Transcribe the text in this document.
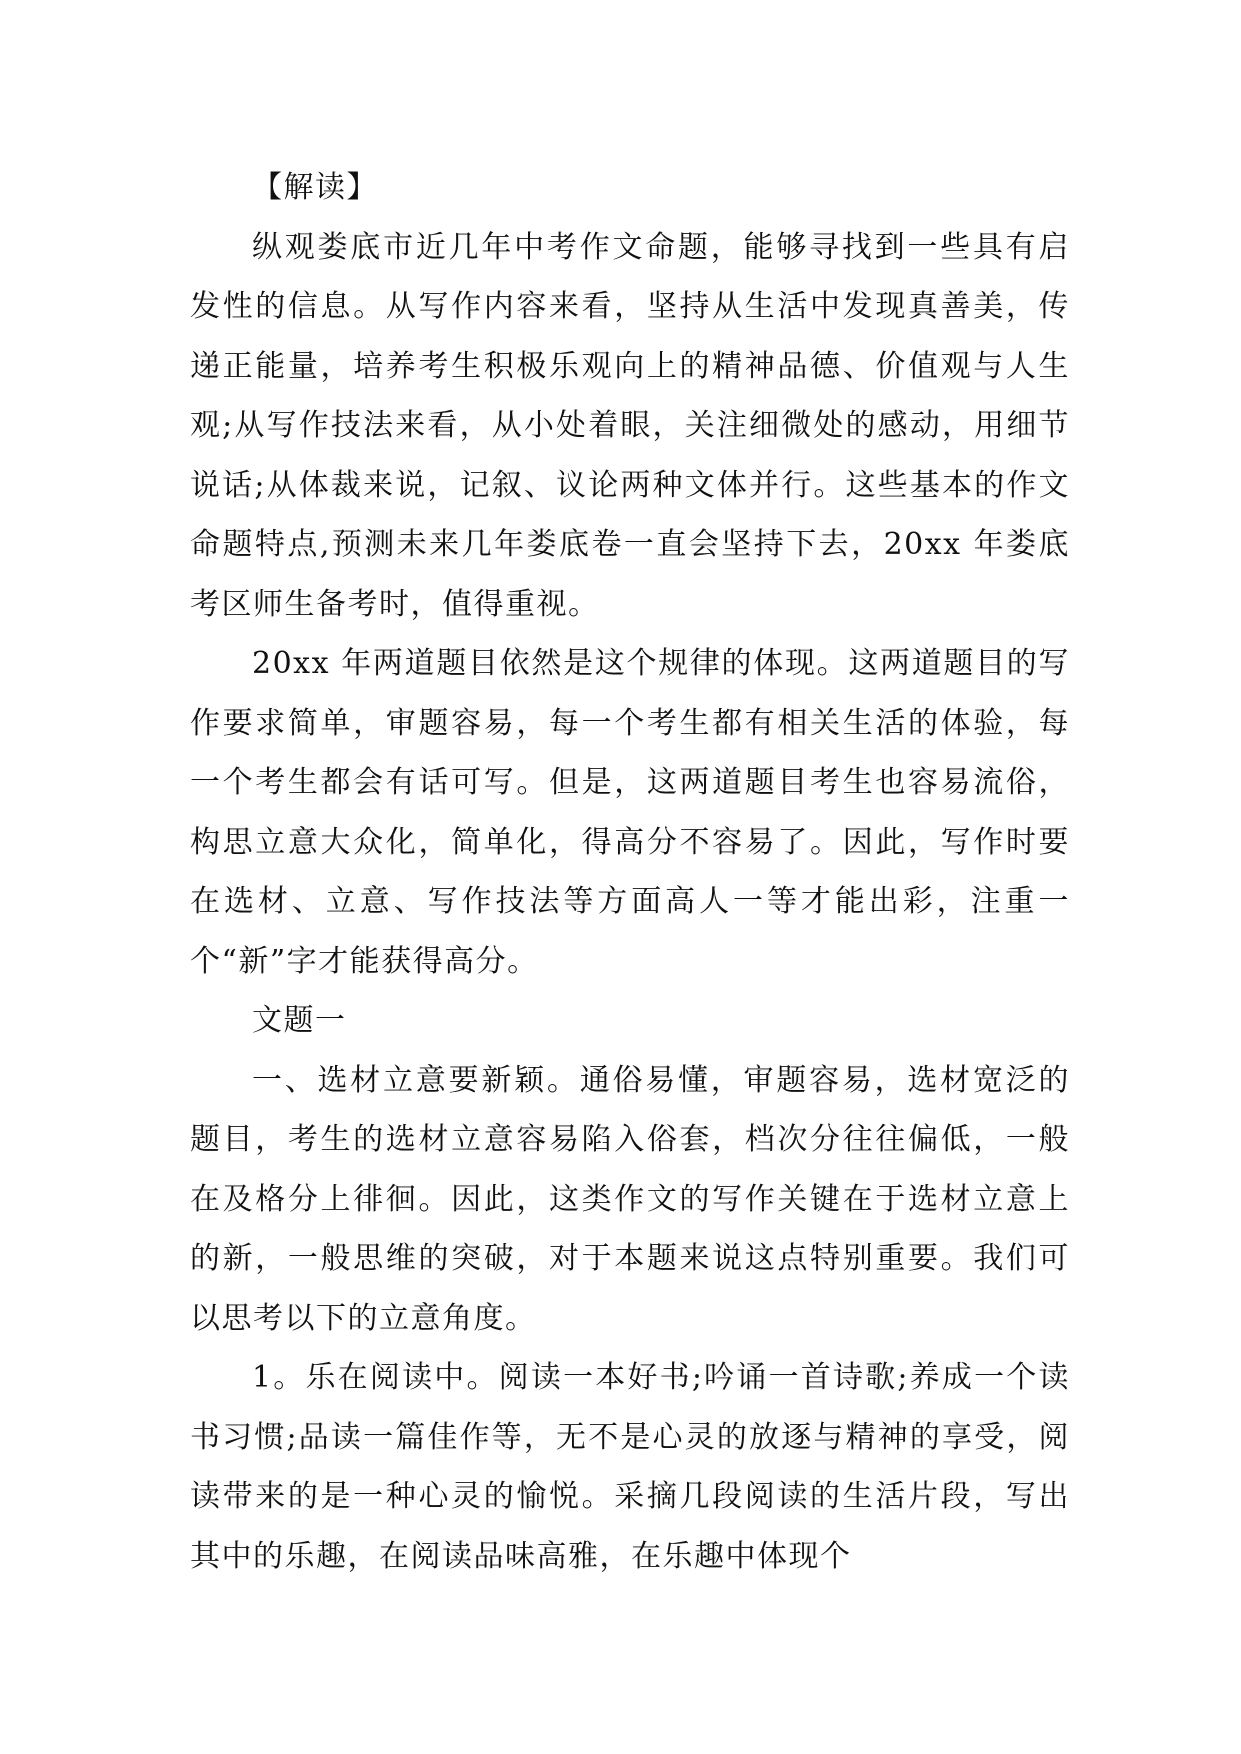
【解读】

纵观娄底市近几年中考作文命题，能够寻找到一些具有启发性的信息。从写作内容来看，坚持从生活中发现真善美，传递正能量，培养考生积极乐观向上的精神品德、价值观与人生观;从写作技法来看，从小处着眼，关注细微处的感动，用细节说话;从体裁来说，记叙、议论两种文体并行。这些基本的作文命题特点,预测未来几年娄底卷一直会坚持下去，20xx 年娄底考区师生备考时，值得重视。

20xx 年两道题目依然是这个规律的体现。这两道题目的写作要求简单，审题容易，每一个考生都有相关生活的体验，每一个考生都会有话可写。但是，这两道题目考生也容易流俗，构思立意大众化，简单化，得高分不容易了。因此，写作时要在选材、立意、写作技法等方面高人一等才能出彩，注重一个“新”字才能获得高分。

文题一

一、选材立意要新颖。通俗易懂，审题容易，选材宽泛的题目，考生的选材立意容易陷入俗套，档次分往往偏低，一般在及格分上徘徊。因此，这类作文的写作关键在于选材立意上的新，一般思维的突破，对于本题来说这点特别重要。我们可以思考以下的立意角度。

1。乐在阅读中。阅读一本好书;吟诵一首诗歌;养成一个读书习惯;品读一篇佳作等，无不是心灵的放逐与精神的享受，阅读带来的是一种心灵的愉悦。采摘几段阅读的生活片段，写出其中的乐趣，在阅读品味高雅，在乐趣中体现个
